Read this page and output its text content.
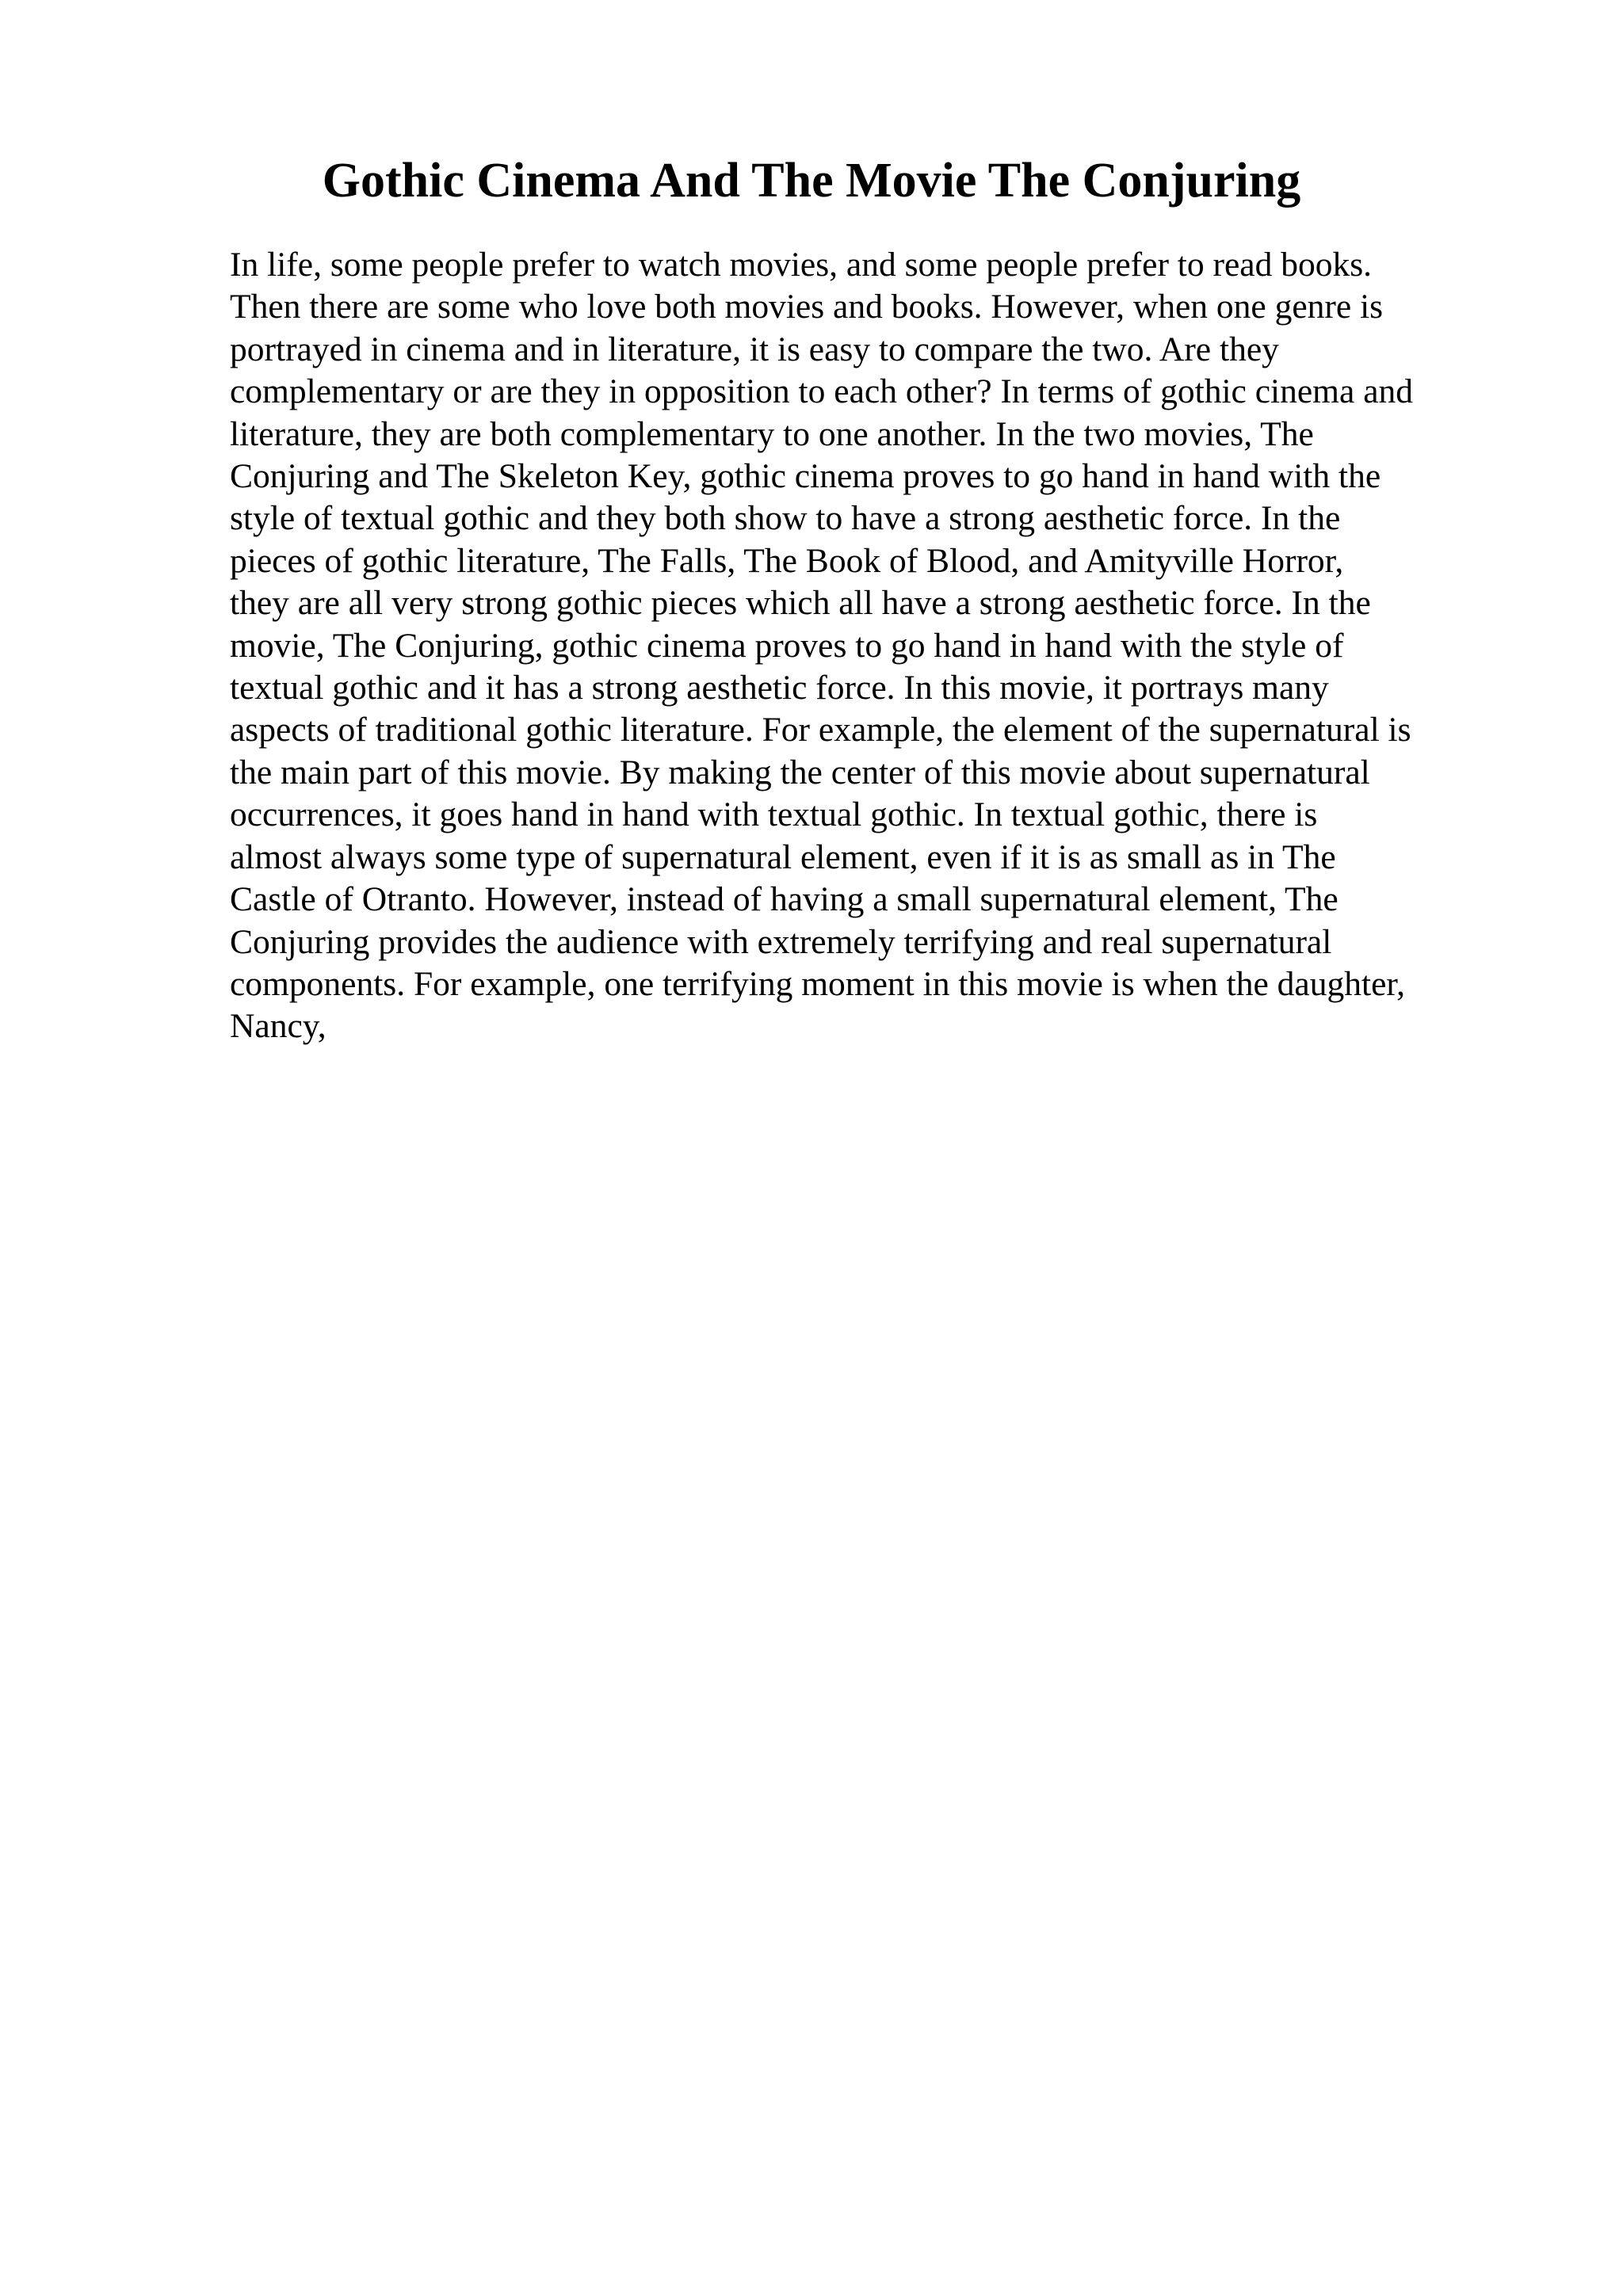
Gothic Cinema And The Movie The Conjuring
In life, some people prefer to watch movies, and some people prefer to read books.
Then there are some who love both movies and books. However, when one genre is
portrayed in cinema and in literature, it is easy to compare the two. Are they
complementary or are they in opposition to each other? In terms of gothic cinema and
literature, they are both complementary to one another. In the two movies, The
Conjuring and The Skeleton Key, gothic cinema proves to go hand in hand with the
style of textual gothic and they both show to have a strong aesthetic force. In the
pieces of gothic literature, The Falls, The Book of Blood, and Amityville Horror,
they are all very strong gothic pieces which all have a strong aesthetic force. In the
movie, The Conjuring, gothic cinema proves to go hand in hand with the style of
textual gothic and it has a strong aesthetic force. In this movie, it portrays many
aspects of traditional gothic literature. For example, the element of the supernatural is
the main part of this movie. By making the center of this movie about supernatural
occurrences, it goes hand in hand with textual gothic. In textual gothic, there is
almost always some type of supernatural element, even if it is as small as in The
Castle of Otranto. However, instead of having a small supernatural element, The
Conjuring provides the audience with extremely terrifying and real supernatural
components. For example, one terrifying moment in this movie is when the daughter,
Nancy,
